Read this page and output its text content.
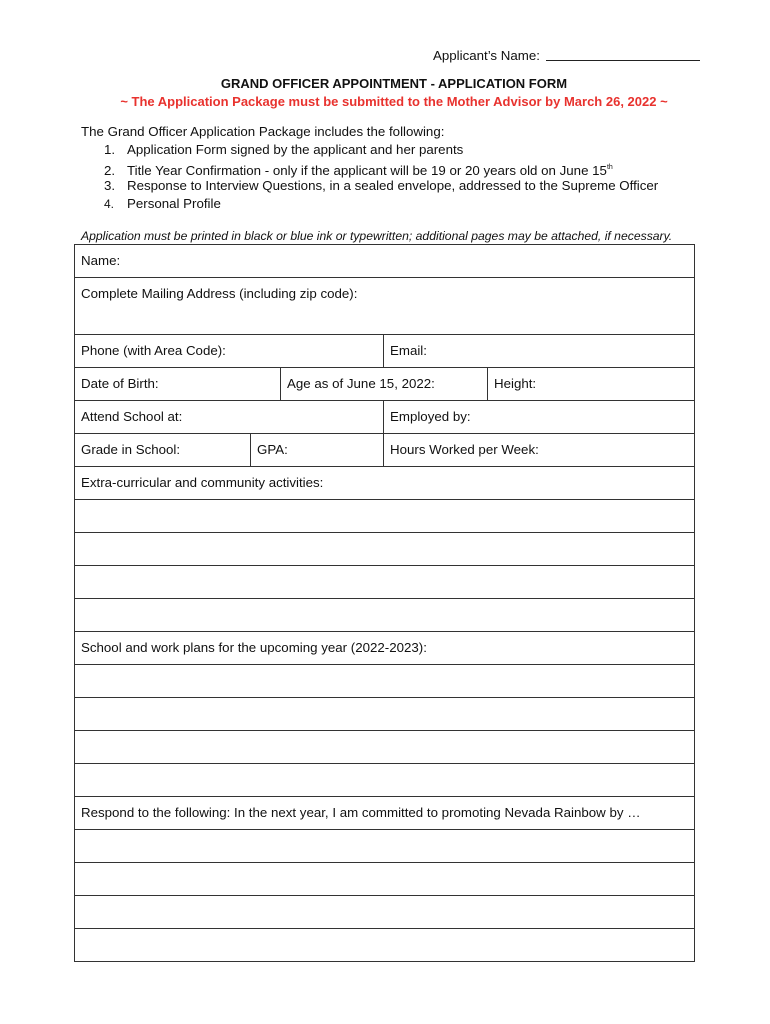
Applicant’s Name:
GRAND OFFICER APPOINTMENT - APPLICATION FORM
~ The Application Package must be submitted to the Mother Advisor by March 26, 2022 ~
The Grand Officer Application Package includes the following:
1. Application Form signed by the applicant and her parents
2. Title Year Confirmation - only if the applicant will be 19 or 20 years old on June 15th
3. Response to Interview Questions, in a sealed envelope, addressed to the Supreme Officer
4. Personal Profile
Application must be printed in black or blue ink or typewritten; additional pages may be attached, if necessary.
Name:				
Complete Mailing Address (including zip code):				
Phone (with Area Code):			Email:	
Date of Birth:		Age as of June 15, 2022:		Height:
Attend School at:			Employed by:	
Grade in School:	GPA:		Hours Worked per Week:	
Extra-curricular and community activities:				

School and work plans for the upcoming year (2022-2023):				

Respond to the following: In the next year, I am committed to promoting Nevada Rainbow by …				
